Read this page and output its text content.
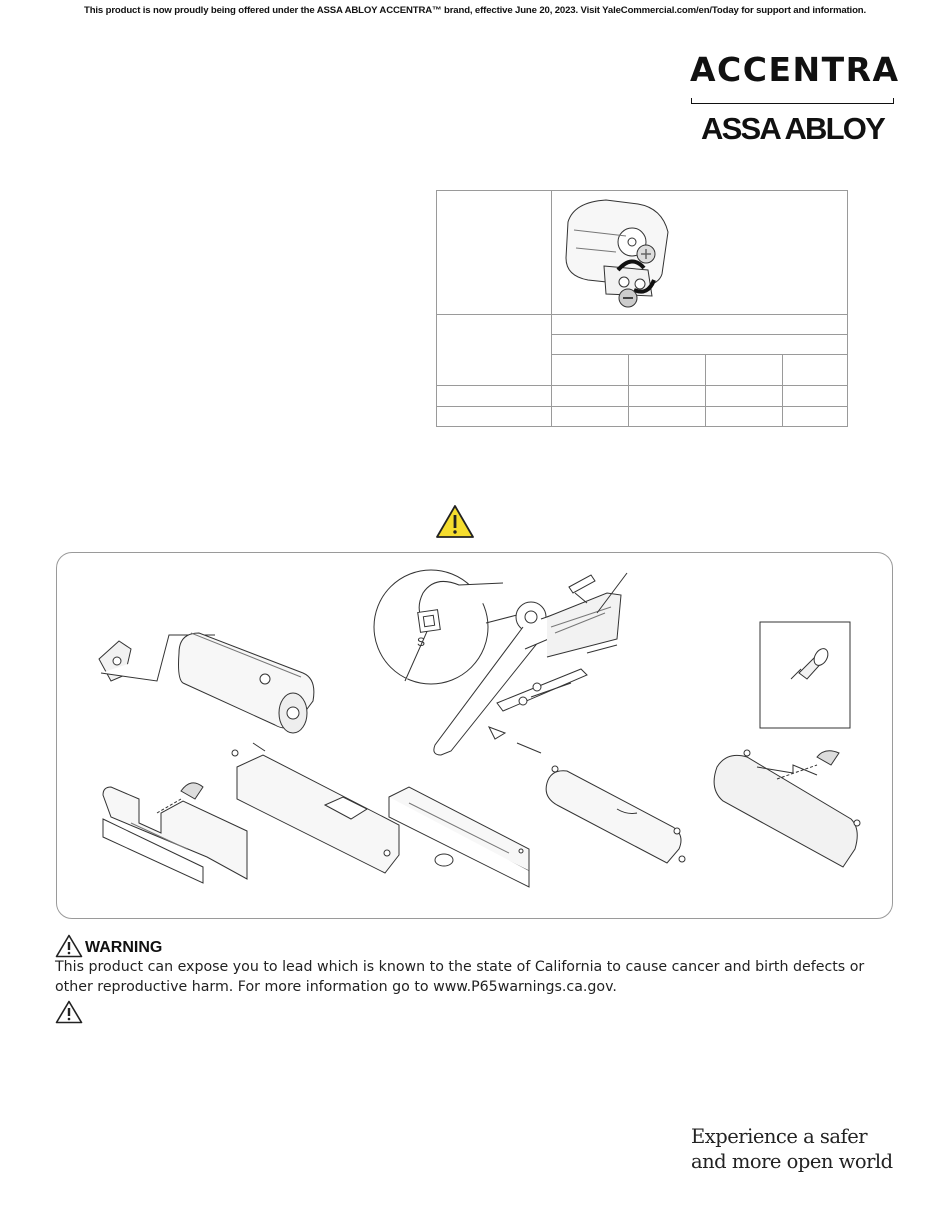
This product is now proudly being offered under the ASSA ABLOY ACCENTRA™ brand, effective June 20, 2023. Visit YaleCommercial.com/en/Today for support and information.
ACCENTRA
ASSA ABLOY
S
WARNING
This product can expose you to lead which is known to the state of California to cause cancer and birth defects or other reproductive harm. For more information go to www.P65warnings.ca.gov.
Experience a safer
and more open world
